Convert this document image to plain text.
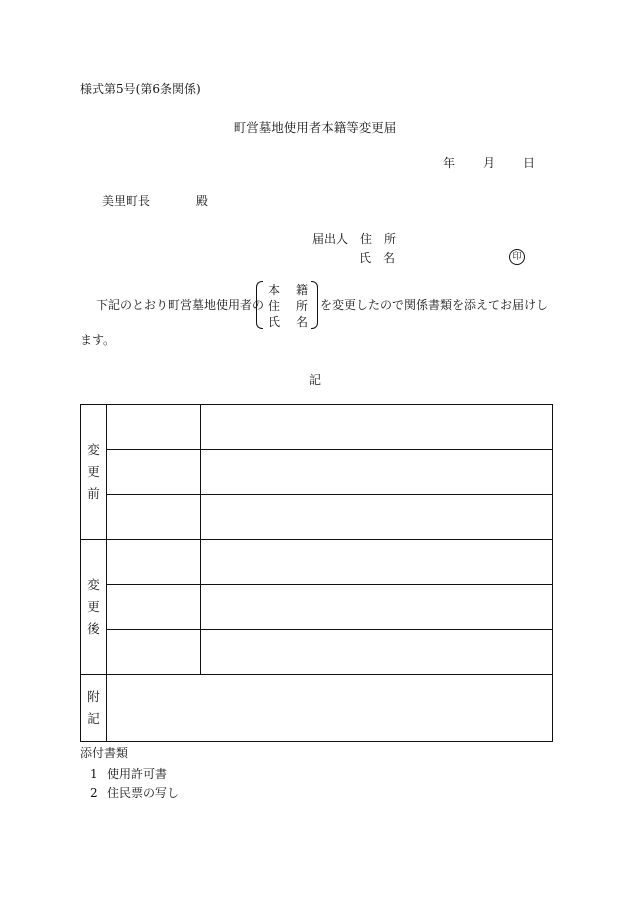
様式第5号(第6条関係)
町営墓地使用者本籍等変更届
年 月 日
美里町長	殿
届出人 住　所
氏　名	印
下記のとおり町営墓地使用者の
本 籍
住 所
氏 名
を変更したので関係書類を添えてお届けし
ます。
記
変
更
前		

変
更
後		

附
記		

添付書類
1 使用許可書
2 住民票の写し
